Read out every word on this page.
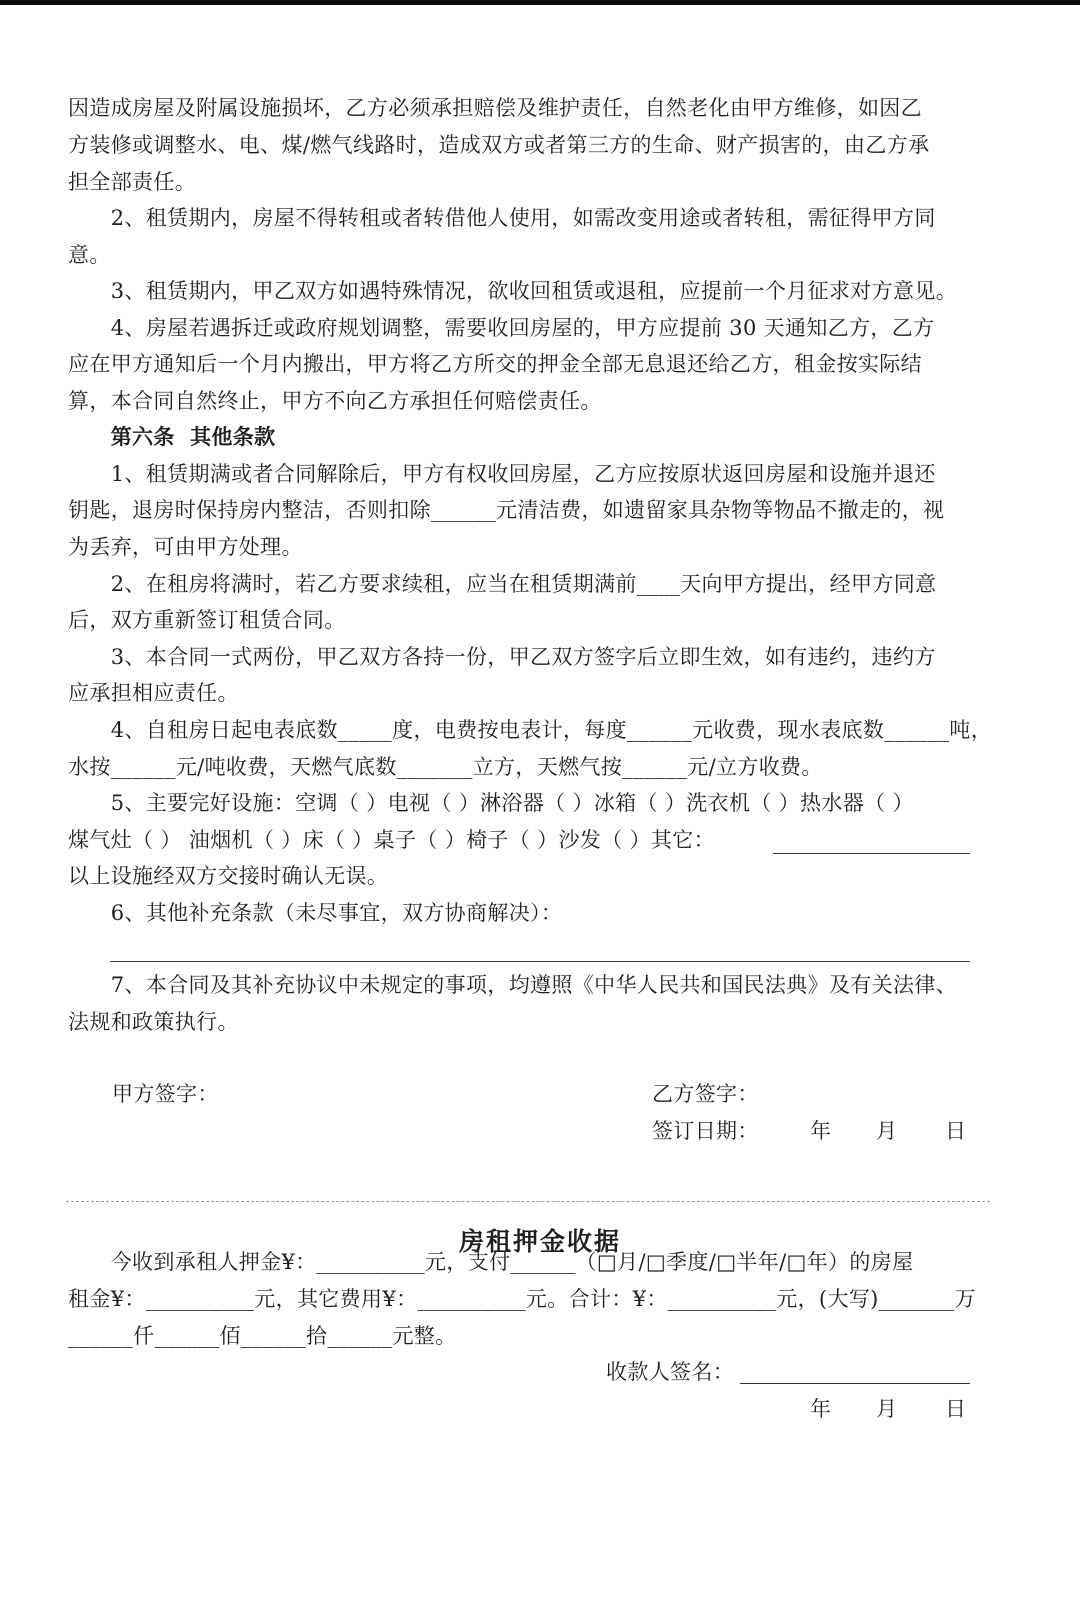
因造成房屋及附属设施损坏，乙方必须承担赔偿及维护责任，自然老化由甲方维修，如因乙
方装修或调整水、电、煤/燃气线路时，造成双方或者第三方的生命、财产损害的，由乙方承
担全部责任。
　　2、租赁期内，房屋不得转租或者转借他人使用，如需改变用途或者转租，需征得甲方同
意。
　　3、租赁期内，甲乙双方如遇特殊情况，欲收回租赁或退租，应提前一个月征求对方意见。
　　4、房屋若遇拆迁或政府规划调整，需要收回房屋的，甲方应提前 30 天通知乙方，乙方
应在甲方通知后一个月内搬出，甲方将乙方所交的押金全部无息退还给乙方，租金按实际结
算，本合同自然终止，甲方不向乙方承担任何赔偿责任。
　　第六条  其他条款
　　1、租赁期满或者合同解除后，甲方有权收回房屋，乙方应按原状返回房屋和设施并退还
钥匙，退房时保持房内整洁，否则扣除______元清洁费，如遗留家具杂物等物品不撤走的，视
为丢弃，可由甲方处理。
　　2、在租房将满时，若乙方要求续租，应当在租赁期满前____天向甲方提出，经甲方同意
后，双方重新签订租赁合同。
　　3、本合同一式两份，甲乙双方各持一份，甲乙双方签字后立即生效，如有违约，违约方
应承担相应责任。
　　4、自租房日起电表底数_____度，电费按电表计，每度______元收费，现水表底数______吨，
水按______元/吨收费，天燃气底数_______立方，天燃气按______元/立方收费。
　　5、主要完好设施：空调（ ）电视（ ）淋浴器（ ）冰箱（ ）洗衣机（ ）热水器（ ）
煤气灶（ ） 油烟机（ ）床（ ）桌子（ ）椅子（ ）沙发（ ）其它：
以上设施经双方交接时确认无误。
　　6、其他补充条款（未尽事宜，双方协商解决）：
　　7、本合同及其补充协议中未规定的事项，均遵照《中华人民共和国民法典》及有关法律、
法规和政策执行。
甲方签字：	乙方签字：
签订日期：	年 月 日
房租押金收据
　　今收到承租人押金¥：__________元，支付______（□月/□季度/□半年/□年）的房屋
租金¥：__________元，其它费用¥：__________元。合计：¥：__________元，(大写)_______万
______仟______佰______拾______元整。
收款人签名：
年 月 日
